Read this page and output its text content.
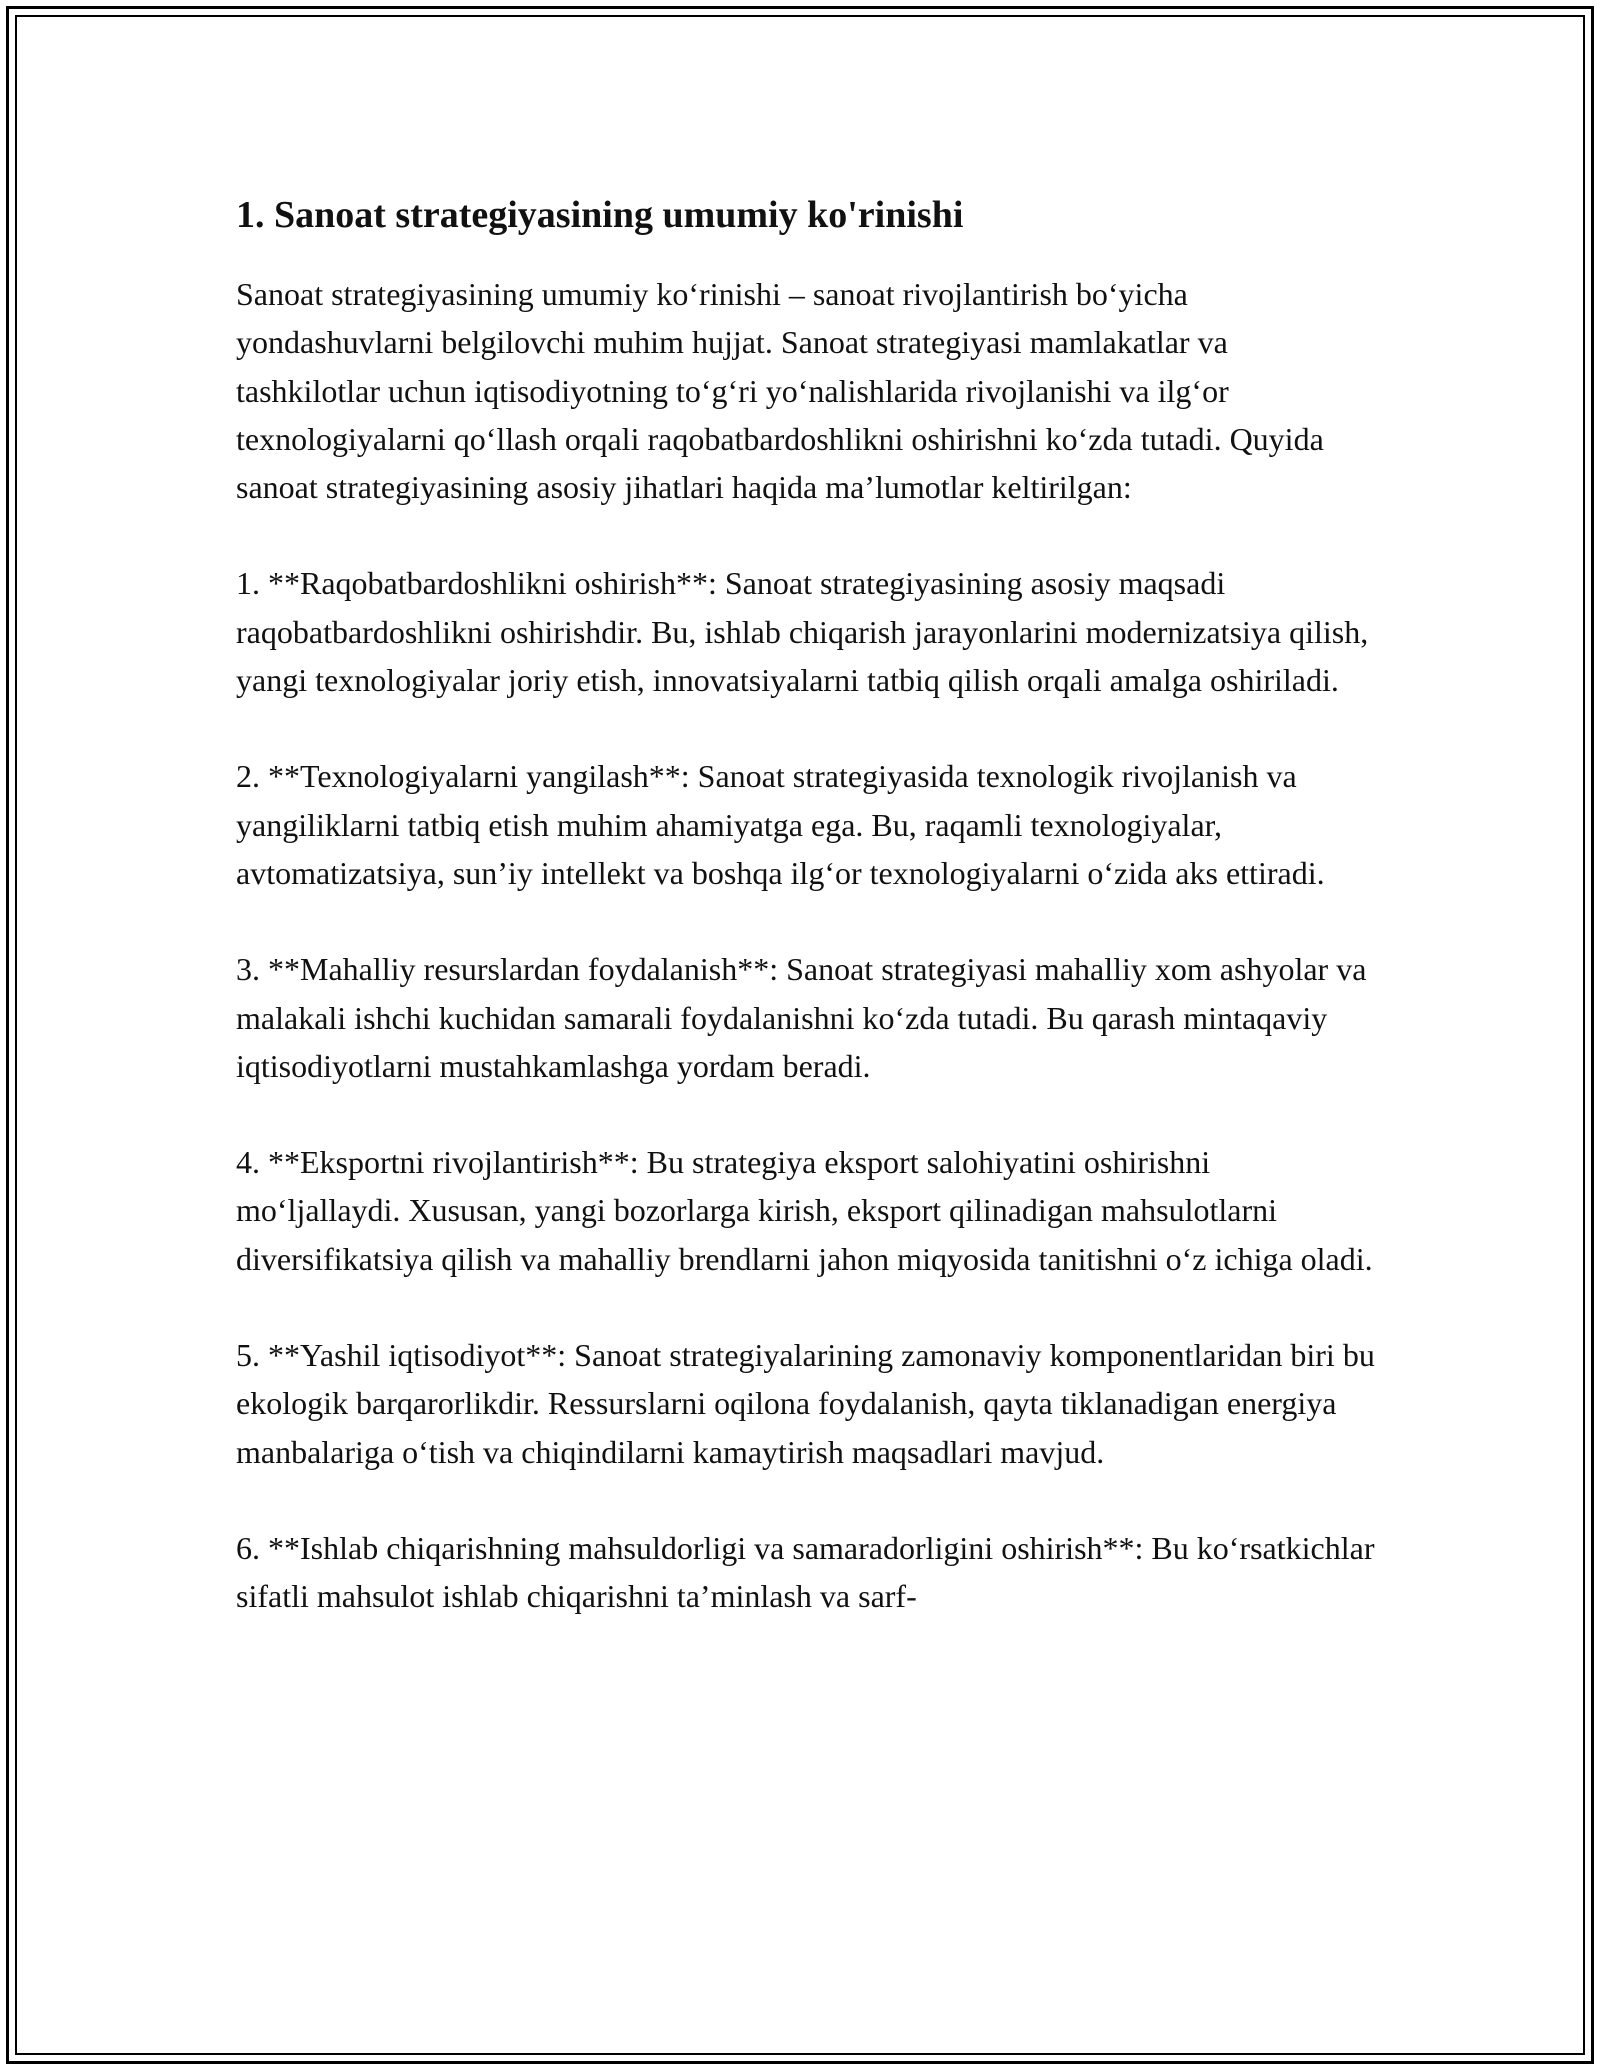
1. Sanoat strategiyasining umumiy ko'rinishi

Sanoat strategiyasining umumiy ko‘rinishi – sanoat rivojlantirish bo‘yicha yondashuvlarni belgilovchi muhim hujjat. Sanoat strategiyasi mamlakatlar va tashkilotlar uchun iqtisodiyotning to‘g‘ri yo‘nalishlarida rivojlanishi va ilg‘or texnologiyalarni qo‘llash orqali raqobatbardoshlikni oshirishni ko‘zda tutadi. Quyida sanoat strategiyasining asosiy jihatlari haqida ma’lumotlar keltirilgan:

1. **Raqobatbardoshlikni oshirish**: Sanoat strategiyasining asosiy maqsadi raqobatbardoshlikni oshirishdir. Bu, ishlab chiqarish jarayonlarini modernizatsiya qilish, yangi texnologiyalar joriy etish, innovatsiyalarni tatbiq qilish orqali amalga oshiriladi.

2. **Texnologiyalarni yangilash**: Sanoat strategiyasida texnologik rivojlanish va yangiliklarni tatbiq etish muhim ahamiyatga ega. Bu, raqamli texnologiyalar, avtomatizatsiya, sun’iy intellekt va boshqa ilg‘or texnologiyalarni o‘zida aks ettiradi.

3. **Mahalliy resurslardan foydalanish**: Sanoat strategiyasi mahalliy xom ashyolar va malakali ishchi kuchidan samarali foydalanishni ko‘zda tutadi. Bu qarash mintaqaviy iqtisodiyotlarni mustahkamlashga yordam beradi.

4. **Eksportni rivojlantirish**: Bu strategiya eksport salohiyatini oshirishni mo‘ljallaydi. Xususan, yangi bozorlarga kirish, eksport qilinadigan mahsulotlarni diversifikatsiya qilish va mahalliy brendlarni jahon miqyosida tanitishni o‘z ichiga oladi.

5. **Yashil iqtisodiyot**: Sanoat strategiyalarining zamonaviy komponentlaridan biri bu ekologik barqarorlikdir. Ressurslarni oqilona foydalanish, qayta tiklanadigan energiya manbalariga o‘tish va chiqindilarni kamaytirish maqsadlari mavjud.

6. **Ishlab chiqarishning mahsuldorligi va samaradorligini oshirish**: Bu ko‘rsatkichlar sifatli mahsulot ishlab chiqarishni ta’minlash va sarf-
